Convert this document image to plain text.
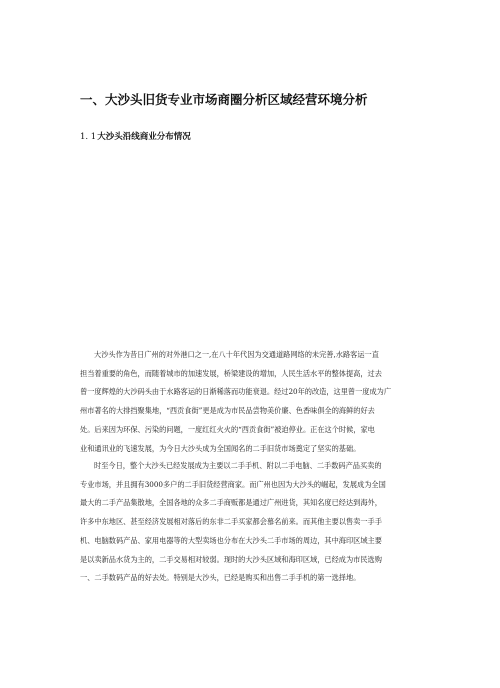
一、大沙头旧货专业市场商圈分析区域经营环境分析
1. 1大沙头沿线商业分布情况
大沙头作为昔日广州的对外港口之一,在八十年代因为交通道路网络的未完善,水路客运一直
担当着重要的角色，而随着城市的加速发展，桥梁建设的增加，人民生活水平的整体提高，过去
曾一度辉煌的大沙码头由于水路客运的日渐稀落而功能衰退。经过20年的改造，这里曾一度成为广
州市著名的大排挡聚集地，“西贡食街”更是成为市民品尝物美价廉、色香味俱全的海鲜的好去
处。后来因为环保、污染的问题，一度红红火火的“西贡食街”被迫停业。正在这个时候，家电
业和通讯业的飞速发展，为今日大沙头成为全国闻名的二手旧货市场奠定了坚实的基础。
时至今日，整个大沙头已经发展成为主要以二手手机、附以二手电脑、二手数码产品买卖的
专业市场，并且拥有3000多户的二手旧货经营商家。而广州也因为大沙头的崛起，发展成为全国
最大的二手产品集散地，全国各地的众多二手商贩都是通过广州进货，其知名度已经达到海外，
许多中东地区、甚至经济发展相对落后的东非二手买家都会慕名前来。而其他主要以售卖一手手
机、电脑数码产品、家用电器等的大型卖场也分布在大沙头二手市场的周边，其中海印区域主要
是以卖新品水货为主的，二手交易相对较弱。现时的大沙头区域和海印区域，已经成为市民选购
一、二手数码产品的好去处。特别是大沙头，已经是购买和出售二手手机的第一选择地。
